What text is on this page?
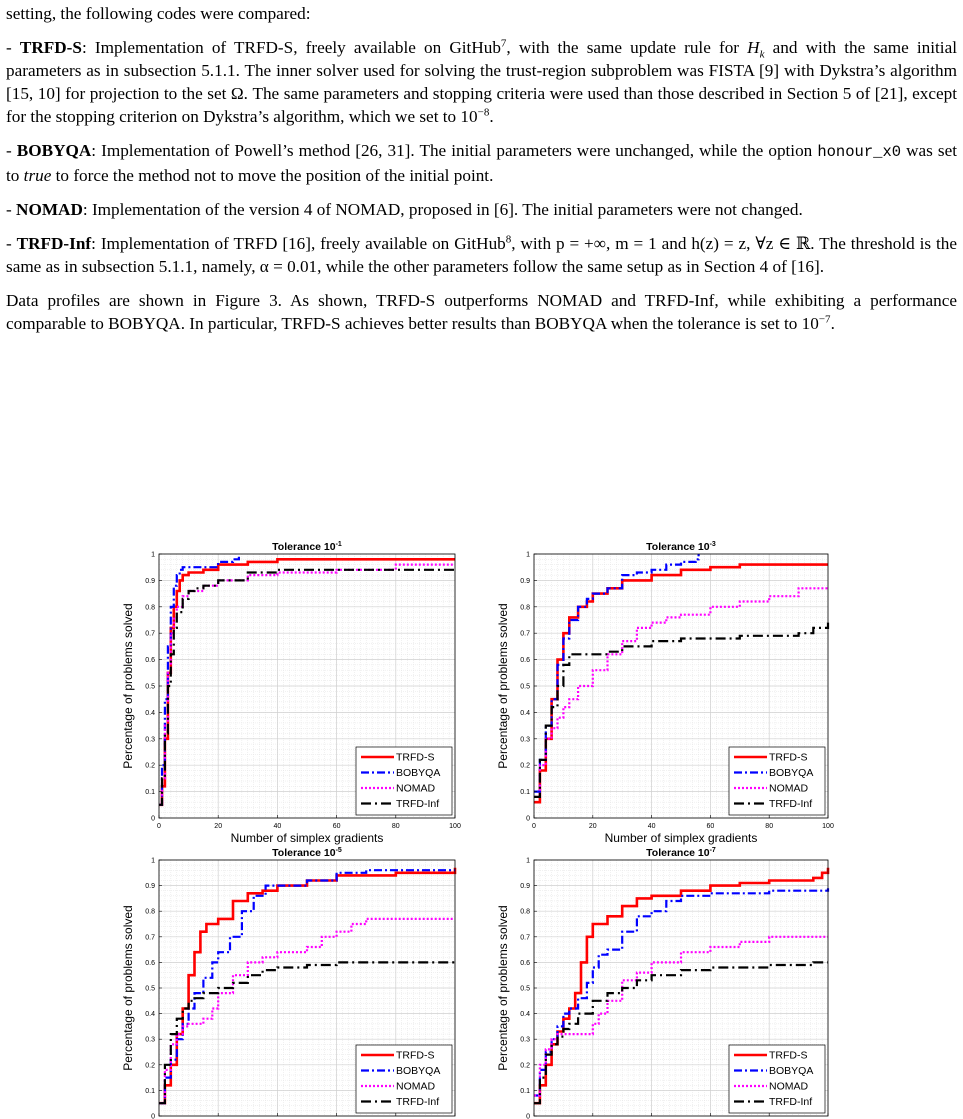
setting, the following codes were compared:

- TRFD-S: Implementation of TRFD-S, freely available on GitHub$^7$, with the same update rule for $H_k$ and with the same initial parameters as in subsection 5.1.1. The inner solver used for solving the trust-region subproblem was FISTA [9] with Dykstra’s algorithm [15, 10] for projection to the set Ω. The same parameters and stopping criteria were used than those described in Section 5 of [21], except for the stopping criterion on Dykstra’s algorithm, which we set to $10^{-8}$.

- BOBYQA: Implementation of Powell’s method [26, 31]. The initial parameters were unchanged, while the option honour_x0 was set to true to force the method not to move the position of the initial point.

- NOMAD: Implementation of the version 4 of NOMAD, proposed in [6]. The initial parameters were not changed.

- TRFD-Inf: Implementation of TRFD [16], freely available on GitHub$^8$, with p = +∞, m = 1 and h(z) = z, ∀z ∈ ℝ. The threshold is the same as in subsection 5.1.1, namely, α = 0.01, while the other parameters follow the same setup as in Section 4 of [16].

Data profiles are shown in Figure 3. As shown, TRFD-S outperforms NOMAD and TRFD-Inf, while exhibiting a performance comparable to BOBYQA. In particular, TRFD-S achieves better results than BOBYQA when the tolerance is set to $10^{-7}$.

0	20	40	60	80	100
0
0.1
0.2
0.3
0.4
0.5
0.6
0.7
0.8
0.9
1
Tolerance $10^{-1}$
Number of simplex gradients
Percentage of problems solved	TRFD-S
BOBYQA
NOMAD
TRFD-Inf
0	20	40	60	80	100
0
0.1
0.2
0.3
0.4
0.5
0.6
0.7
0.8
0.9
1
Tolerance $10^{-3}$
Number of simplex gradients
Percentage of problems solved	TRFD-S
BOBYQA
NOMAD
TRFD-Inf
0
0.1
0.2
0.3
0.4
0.5
0.6
0.7
0.8
0.9
1
Tolerance $10^{-5}$
Percentage of problems solved	TRFD-S
BOBYQA
NOMAD
TRFD-Inf
0
0.1
0.2
0.3
0.4
0.5
0.6
0.7
0.8
0.9
1
Tolerance $10^{-7}$
Percentage of problems solved	TRFD-S
BOBYQA
NOMAD
TRFD-Inf
